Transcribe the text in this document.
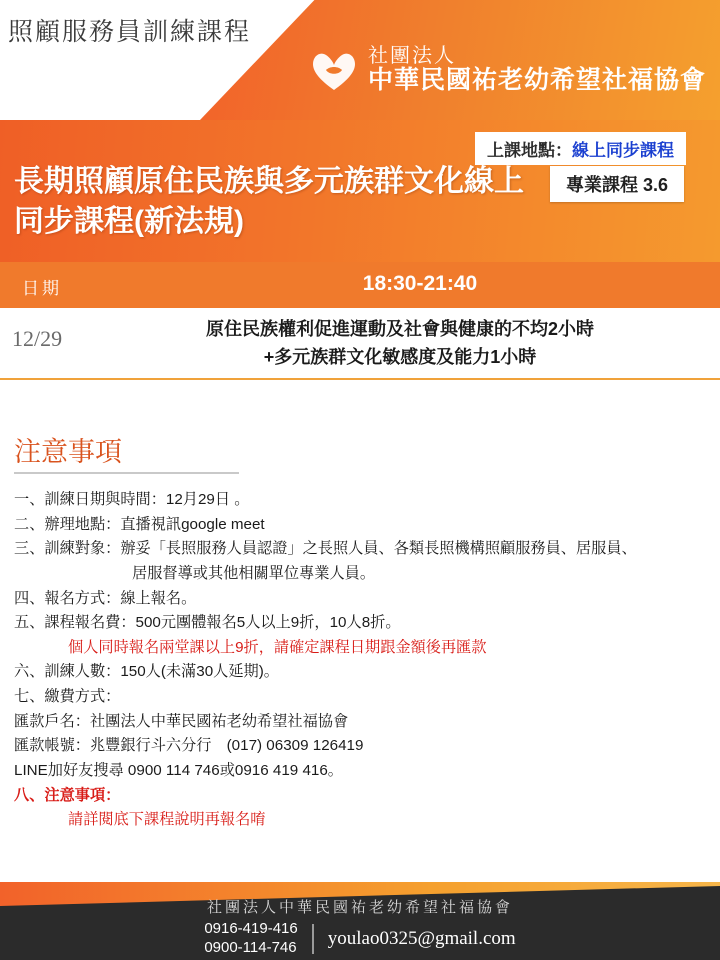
照顧服務員訓練課程
社團法人
中華民國祐老幼希望社福協會
長期照顧原住民族與多元族群文化線上同步課程(新法規)
上課地點：線上同步課程
專業課程 3.6
日期	18:30-21:40
12/29	原住民族權利促進運動及社會與健康的不均2小時
+多元族群文化敏感度及能力1小時
注意事項
一、訓練日期與時間：12月29日 。
二、辦理地點：直播視訊google meet
三、訓練對象：辦妥「長照服務人員認證」之長照人員、各類長照機構照顧服務員、居服員、
居服督導或其他相關單位專業人員。
四、報名方式：線上報名。
五、課程報名費：500元團體報名5人以上9折，10人8折。
個人同時報名兩堂課以上9折，請確定課程日期跟金額後再匯款
六、訓練人數：150人(未滿30人延期)。
七、繳費方式：
匯款戶名：社團法人中華民國祐老幼希望社福協會
匯款帳號：兆豐銀行斗六分行　(017) 06309 126419
LINE加好友搜尋 0900 114 746或0916 419 416。
八、注意事項：
請詳閱底下課程說明再報名唷
社團法人中華民國祐老幼希望社福協會
0916-419-416
0900-114-746 youlao0325@gmail.com
